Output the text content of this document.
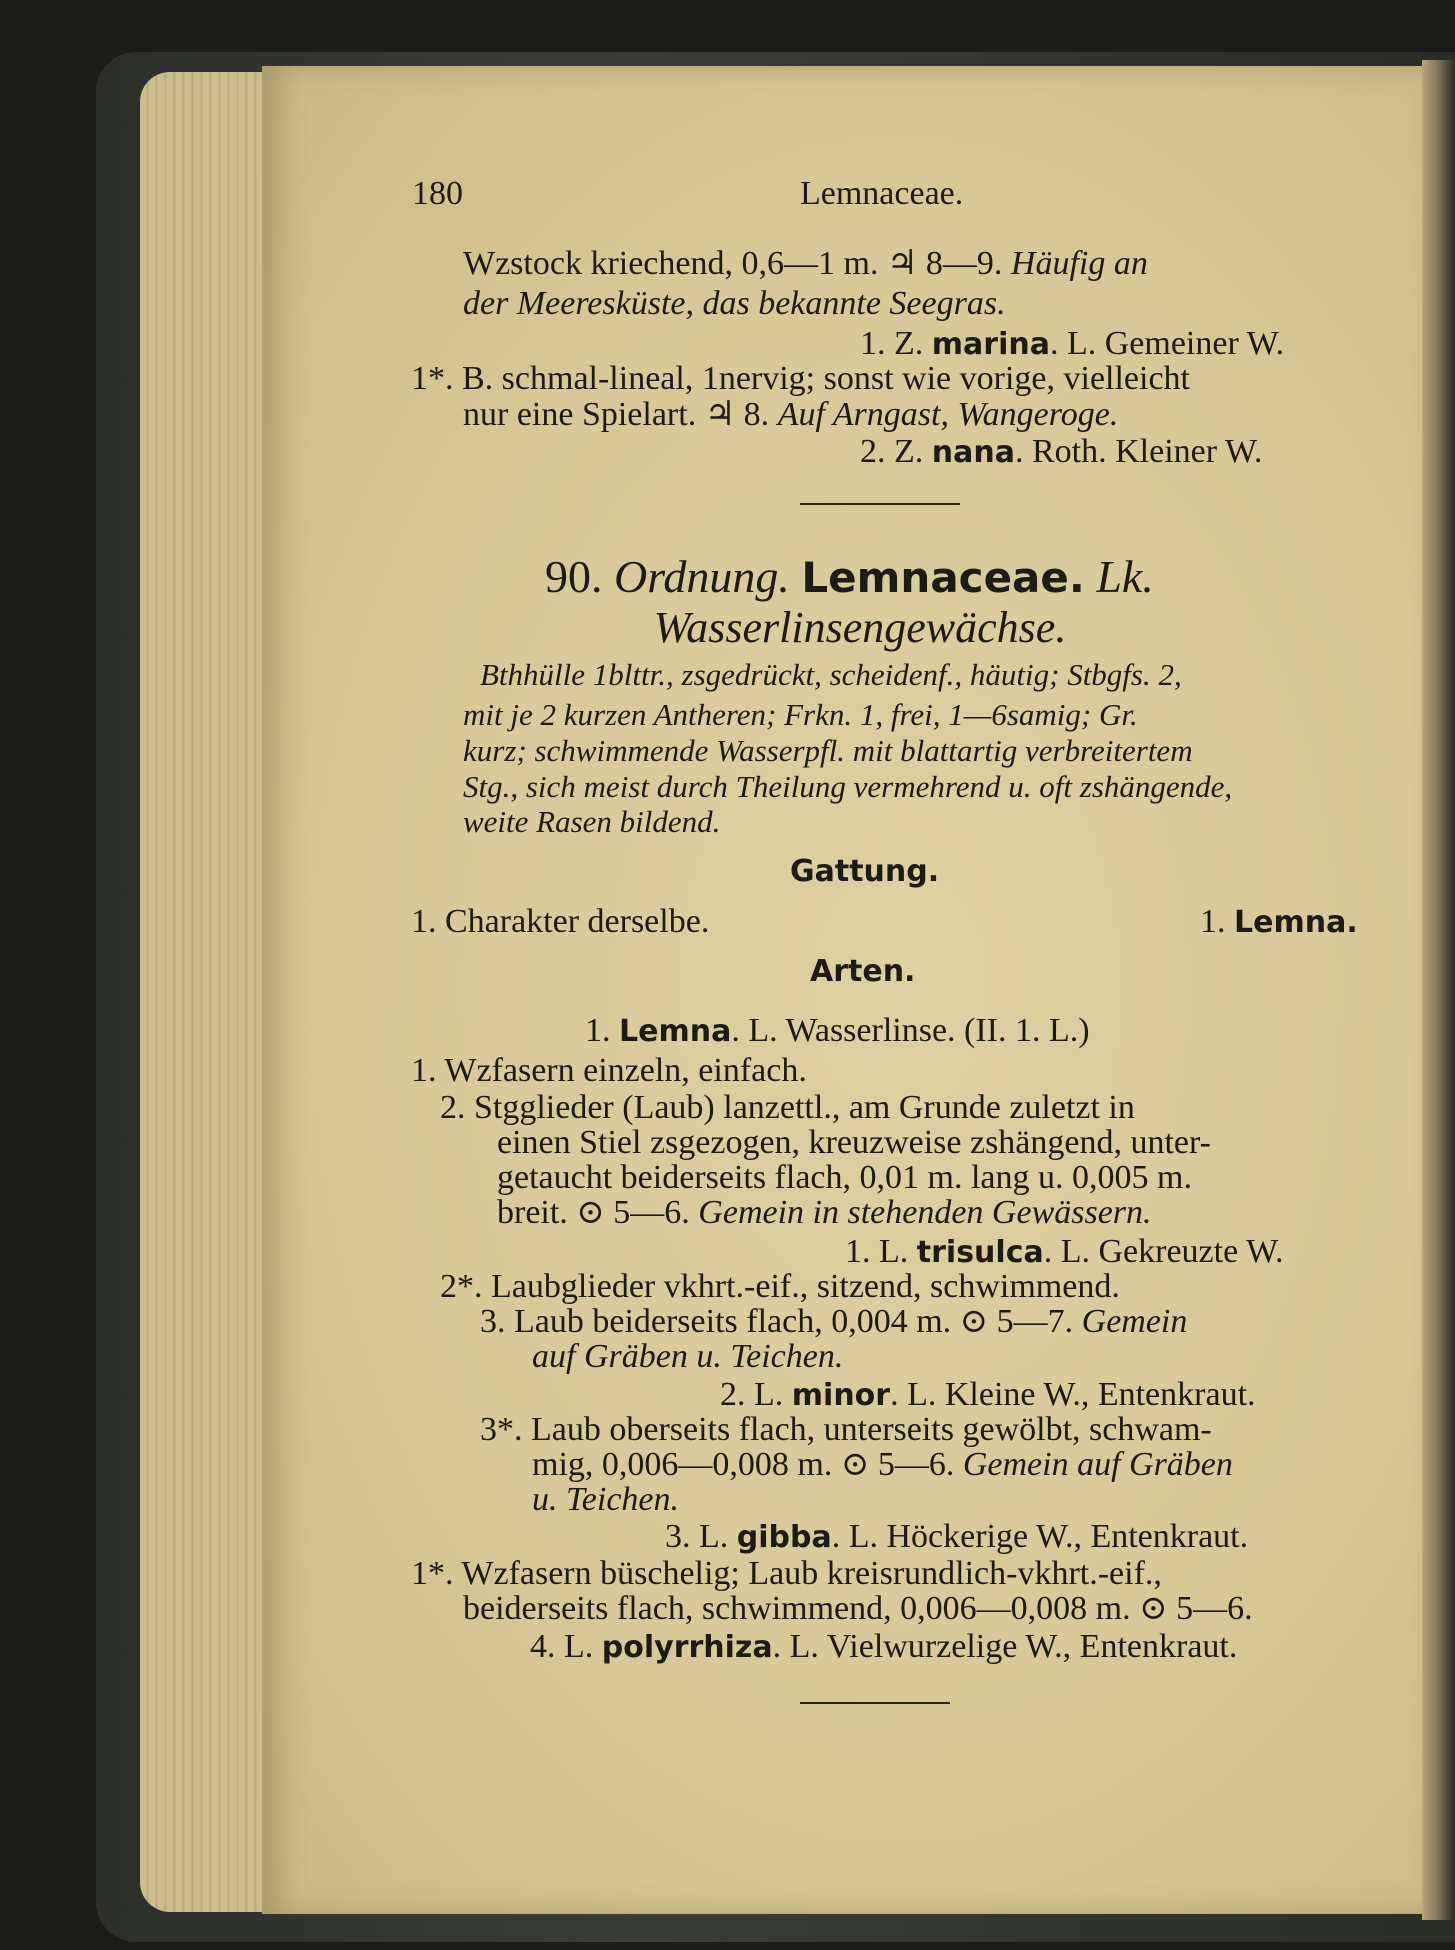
180	Lemnaceae.
Wzstock kriechend, 0,6—1 m. ♃ 8—9. Häufig an
der Meeresküste, das bekannte Seegras.
1. Z. marina. L. Gemeiner W.
1*. B. schmal-lineal, 1nervig; sonst wie vorige, vielleicht
nur eine Spielart. ♃ 8. Auf Arngast, Wangeroge.
2. Z. nana. Roth. Kleiner W.
90. Ordnung. Lemnaceae. Lk.
Wasserlinsengewächse.
Bthhülle 1blttr., zsgedrückt, scheidenf., häutig; Stbgfs. 2,
mit je 2 kurzen Antheren; Frkn. 1, frei, 1—6samig; Gr.
kurz; schwimmende Wasserpfl. mit blattartig verbreitertem
Stg., sich meist durch Theilung vermehrend u. oft zshängende,
weite Rasen bildend.
Gattung.
1. Charakter derselbe.	1. Lemna.
Arten.
1. Lemna. L. Wasserlinse. (II. 1. L.)
1. Wzfasern einzeln, einfach.
2. Stgglieder (Laub) lanzettl., am Grunde zuletzt in
einen Stiel zsgezogen, kreuzweise zshängend, unter-
getaucht beiderseits flach, 0,01 m. lang u. 0,005 m.
breit. ⊙ 5—6. Gemein in stehenden Gewässern.
1. L. trisulca. L. Gekreuzte W.
2*. Laubglieder vkhrt.-eif., sitzend, schwimmend.
3. Laub beiderseits flach, 0,004 m. ⊙ 5—7. Gemein
auf Gräben u. Teichen.
2. L. minor. L. Kleine W., Entenkraut.
3*. Laub oberseits flach, unterseits gewölbt, schwam-
mig, 0,006—0,008 m. ⊙ 5—6. Gemein auf Gräben
u. Teichen.
3. L. gibba. L. Höckerige W., Entenkraut.
1*. Wzfasern büschelig; Laub kreisrundlich-vkhrt.-eif.,
beiderseits flach, schwimmend, 0,006—0,008 m. ⊙ 5—6.
4. L. polyrrhiza. L. Vielwurzelige W., Entenkraut.
